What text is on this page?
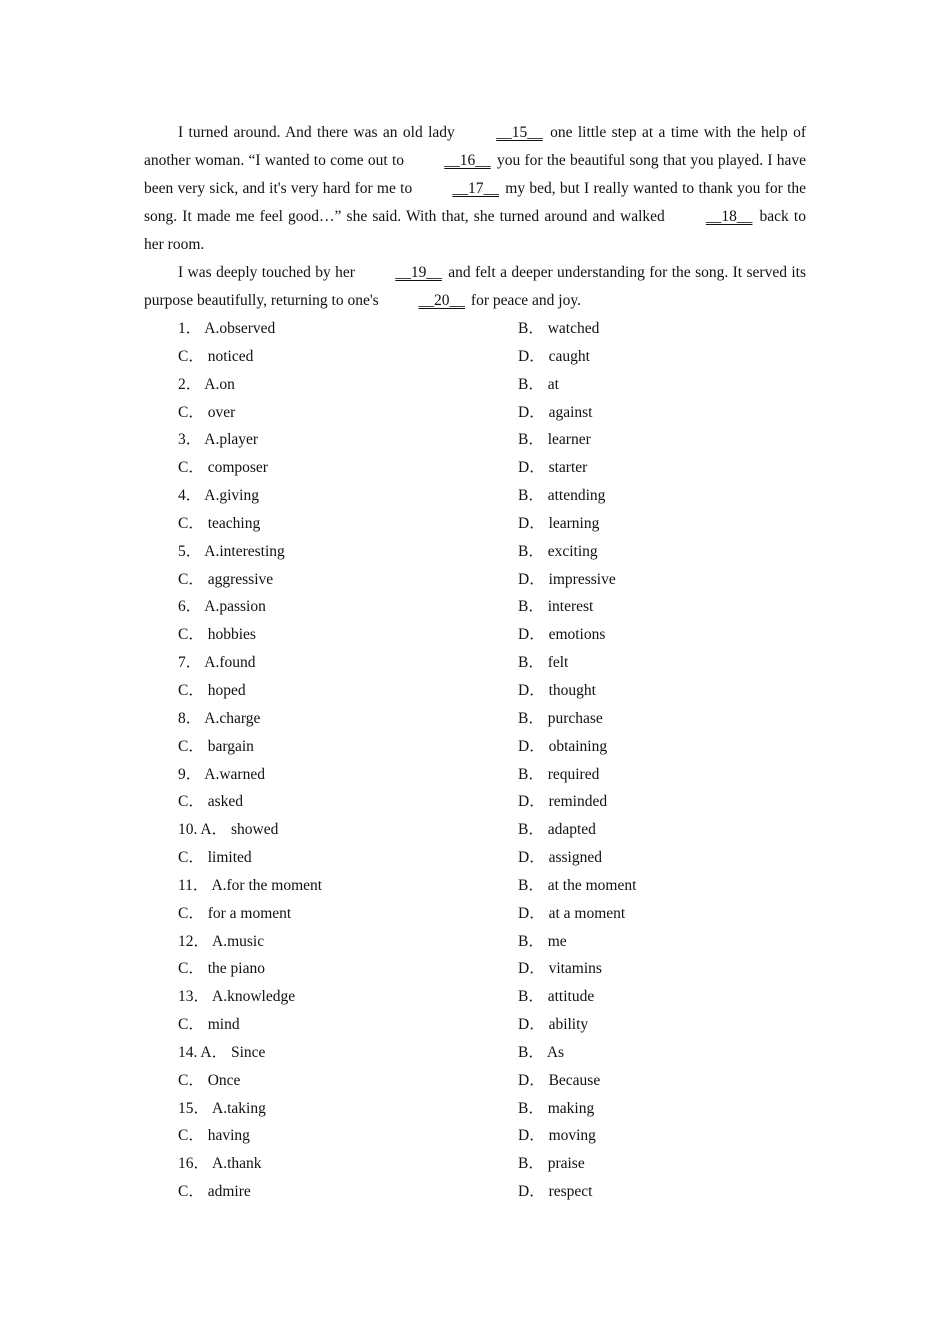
I turned around. And there was an old lady __15__ one little step at a time with the help of another woman. “I wanted to come out to __16__ you for the beautiful song that you played. I have been very sick, and it's very hard for me to __17__ my bed, but I really wanted to thank you for the song. It made me feel good…” she said. With that, she turned around and walked __18__ back to her room.

I was deeply touched by her __19__ and felt a deeper understanding for the song. It served its purpose beautifully, returning to one's __20__ for peace and joy.

1． A.observed	B． watched
C． noticed	D． caught
2． A.on	B． at
C． over	D． against
3． A.player	B． learner
C． composer	D． starter
4． A.giving	B． attending
C． teaching	D． learning
5． A.interesting	B． exciting
C． aggressive	D． impressive
6． A.passion	B． interest
C． hobbies	D． emotions
7． A.found	B． felt
C． hoped	D． thought
8． A.charge	B． purchase
C． bargain	D． obtaining
9． A.warned	B． required
C． asked	D． reminded
10. A． showed	B． adapted
C． limited	D． assigned
11． A.for the moment	B． at the moment
C． for a moment	D． at a moment
12． A.music	B． me
C． the piano	D． vitamins
13． A.knowledge	B． attitude
C． mind	D． ability
14. A． Since	B． As
C． Once	D． Because
15． A.taking	B． making
C． having	D． moving
16． A.thank	B． praise
C． admire	D． respect
